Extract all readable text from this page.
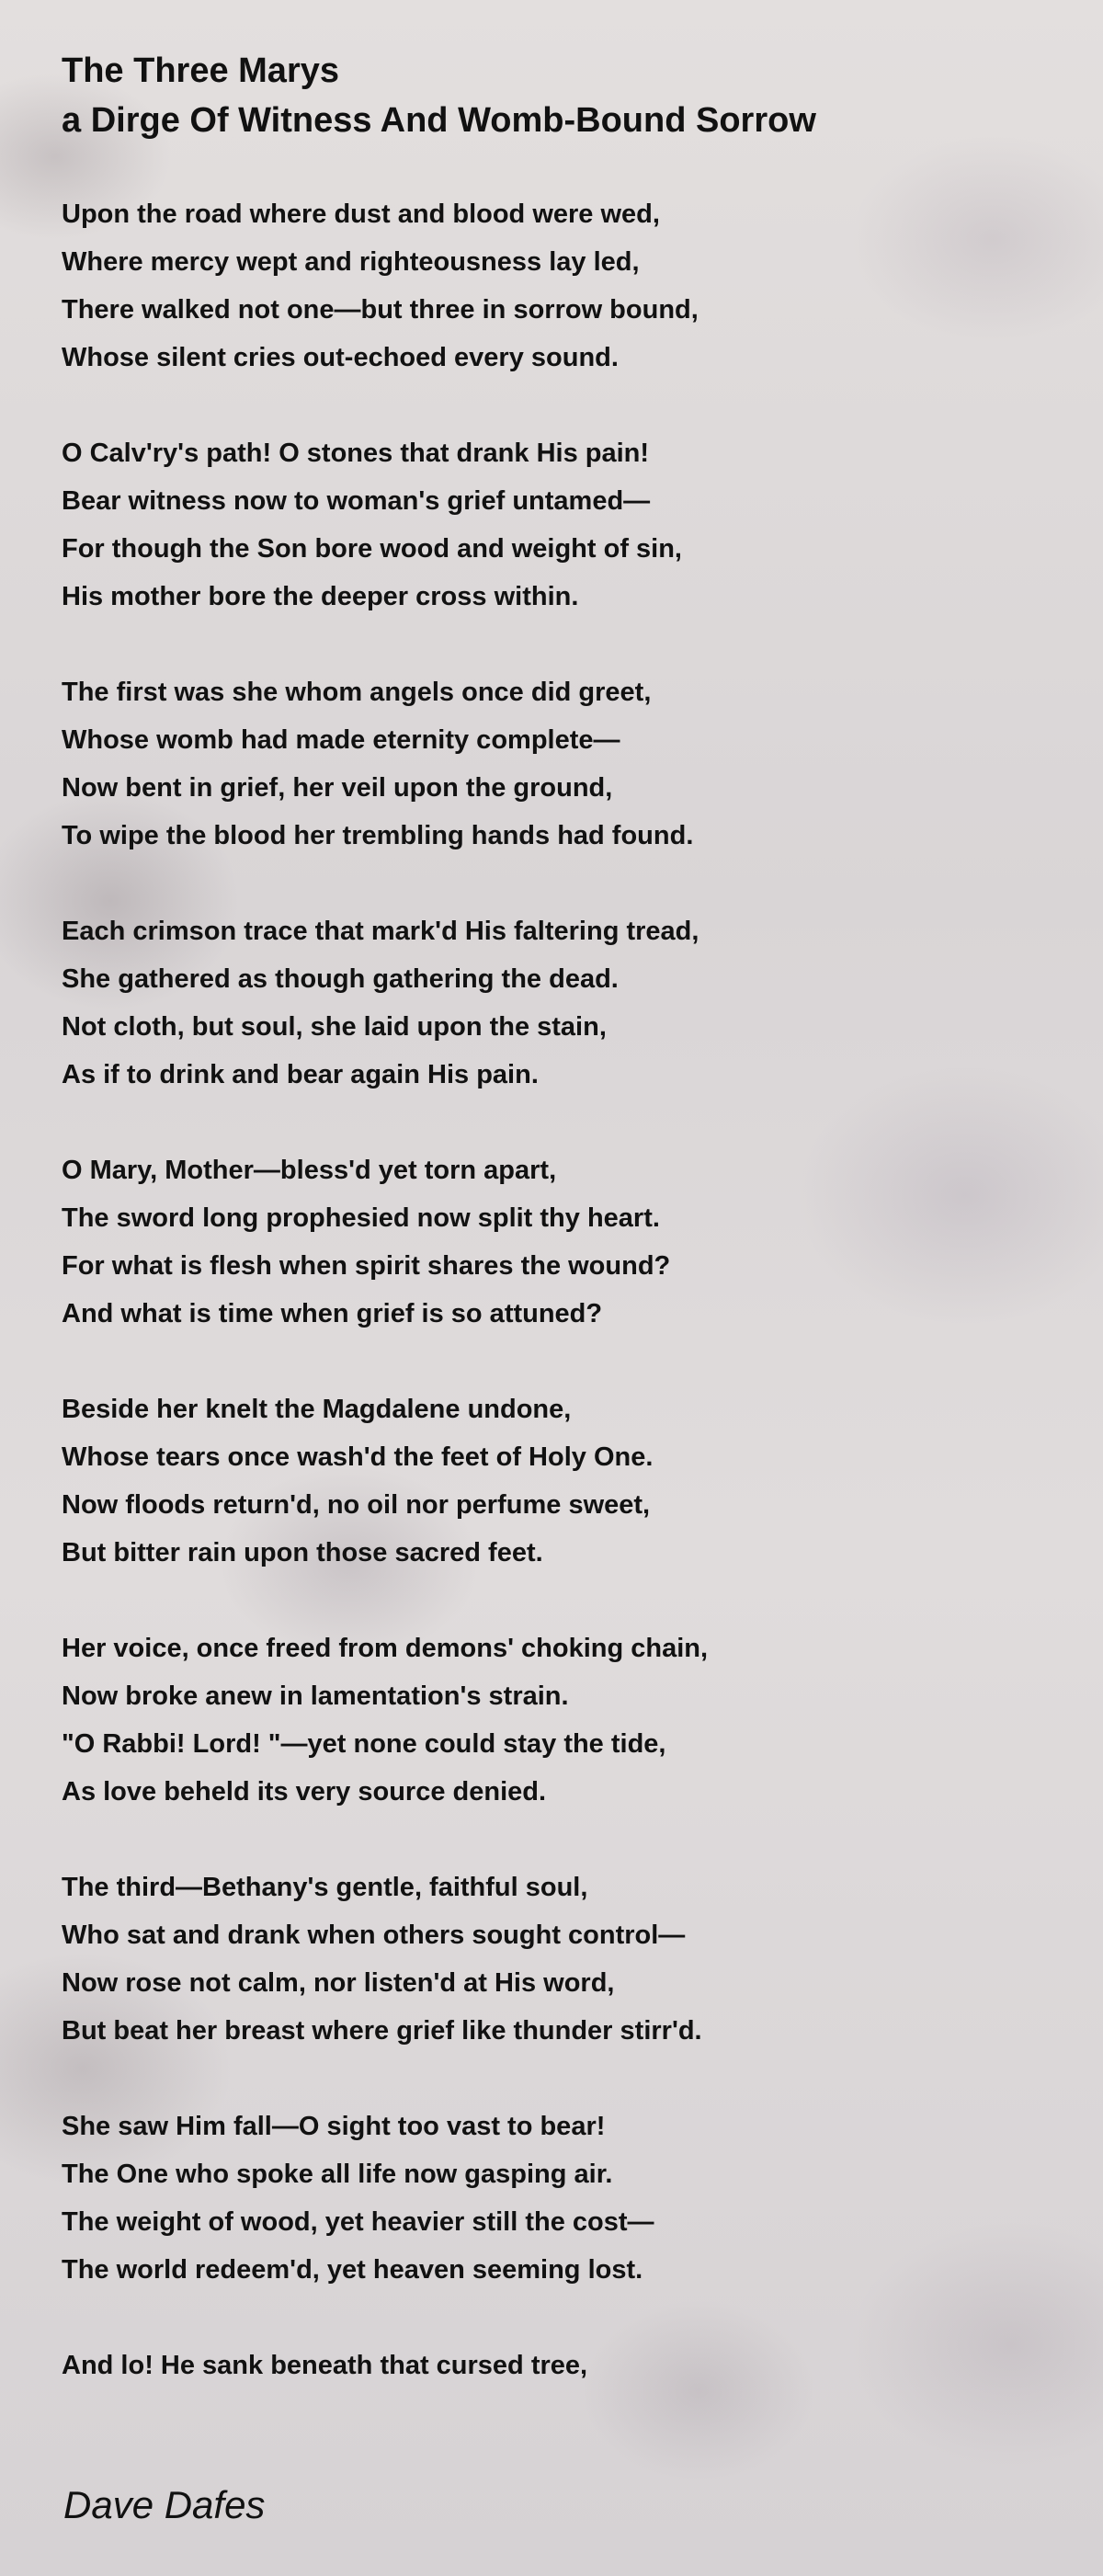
The Three Marys
a Dirge Of Witness And Womb-Bound Sorrow

Upon the road where dust and blood were wed,
Where mercy wept and righteousness lay led,
There walked not one—but three in sorrow bound,
Whose silent cries out-echoed every sound.

O Calv'ry's path! O stones that drank His pain!
Bear witness now to woman's grief untamed—
For though the Son bore wood and weight of sin,
His mother bore the deeper cross within.

The first was she whom angels once did greet,
Whose womb had made eternity complete—
Now bent in grief, her veil upon the ground,
To wipe the blood her trembling hands had found.

Each crimson trace that mark'd His faltering tread,
She gathered as though gathering the dead.
Not cloth, but soul, she laid upon the stain,
As if to drink and bear again His pain.

O Mary, Mother—bless'd yet torn apart,
The sword long prophesied now split thy heart.
For what is flesh when spirit shares the wound?
And what is time when grief is so attuned?

Beside her knelt the Magdalene undone,
Whose tears once wash'd the feet of Holy One.
Now floods return'd, no oil nor perfume sweet,
But bitter rain upon those sacred feet.

Her voice, once freed from demons' choking chain,
Now broke anew in lamentation's strain.
"O Rabbi! Lord! "—yet none could stay the tide,
As love beheld its very source denied.

The third—Bethany's gentle, faithful soul,
Who sat and drank when others sought control—
Now rose not calm, nor listen'd at His word,
But beat her breast where grief like thunder stirr'd.

She saw Him fall—O sight too vast to bear!
The One who spoke all life now gasping air.
The weight of wood, yet heavier still the cost—
The world redeem'd, yet heaven seeming lost.

And lo! He sank beneath that cursed tree,

Dave Dafes
